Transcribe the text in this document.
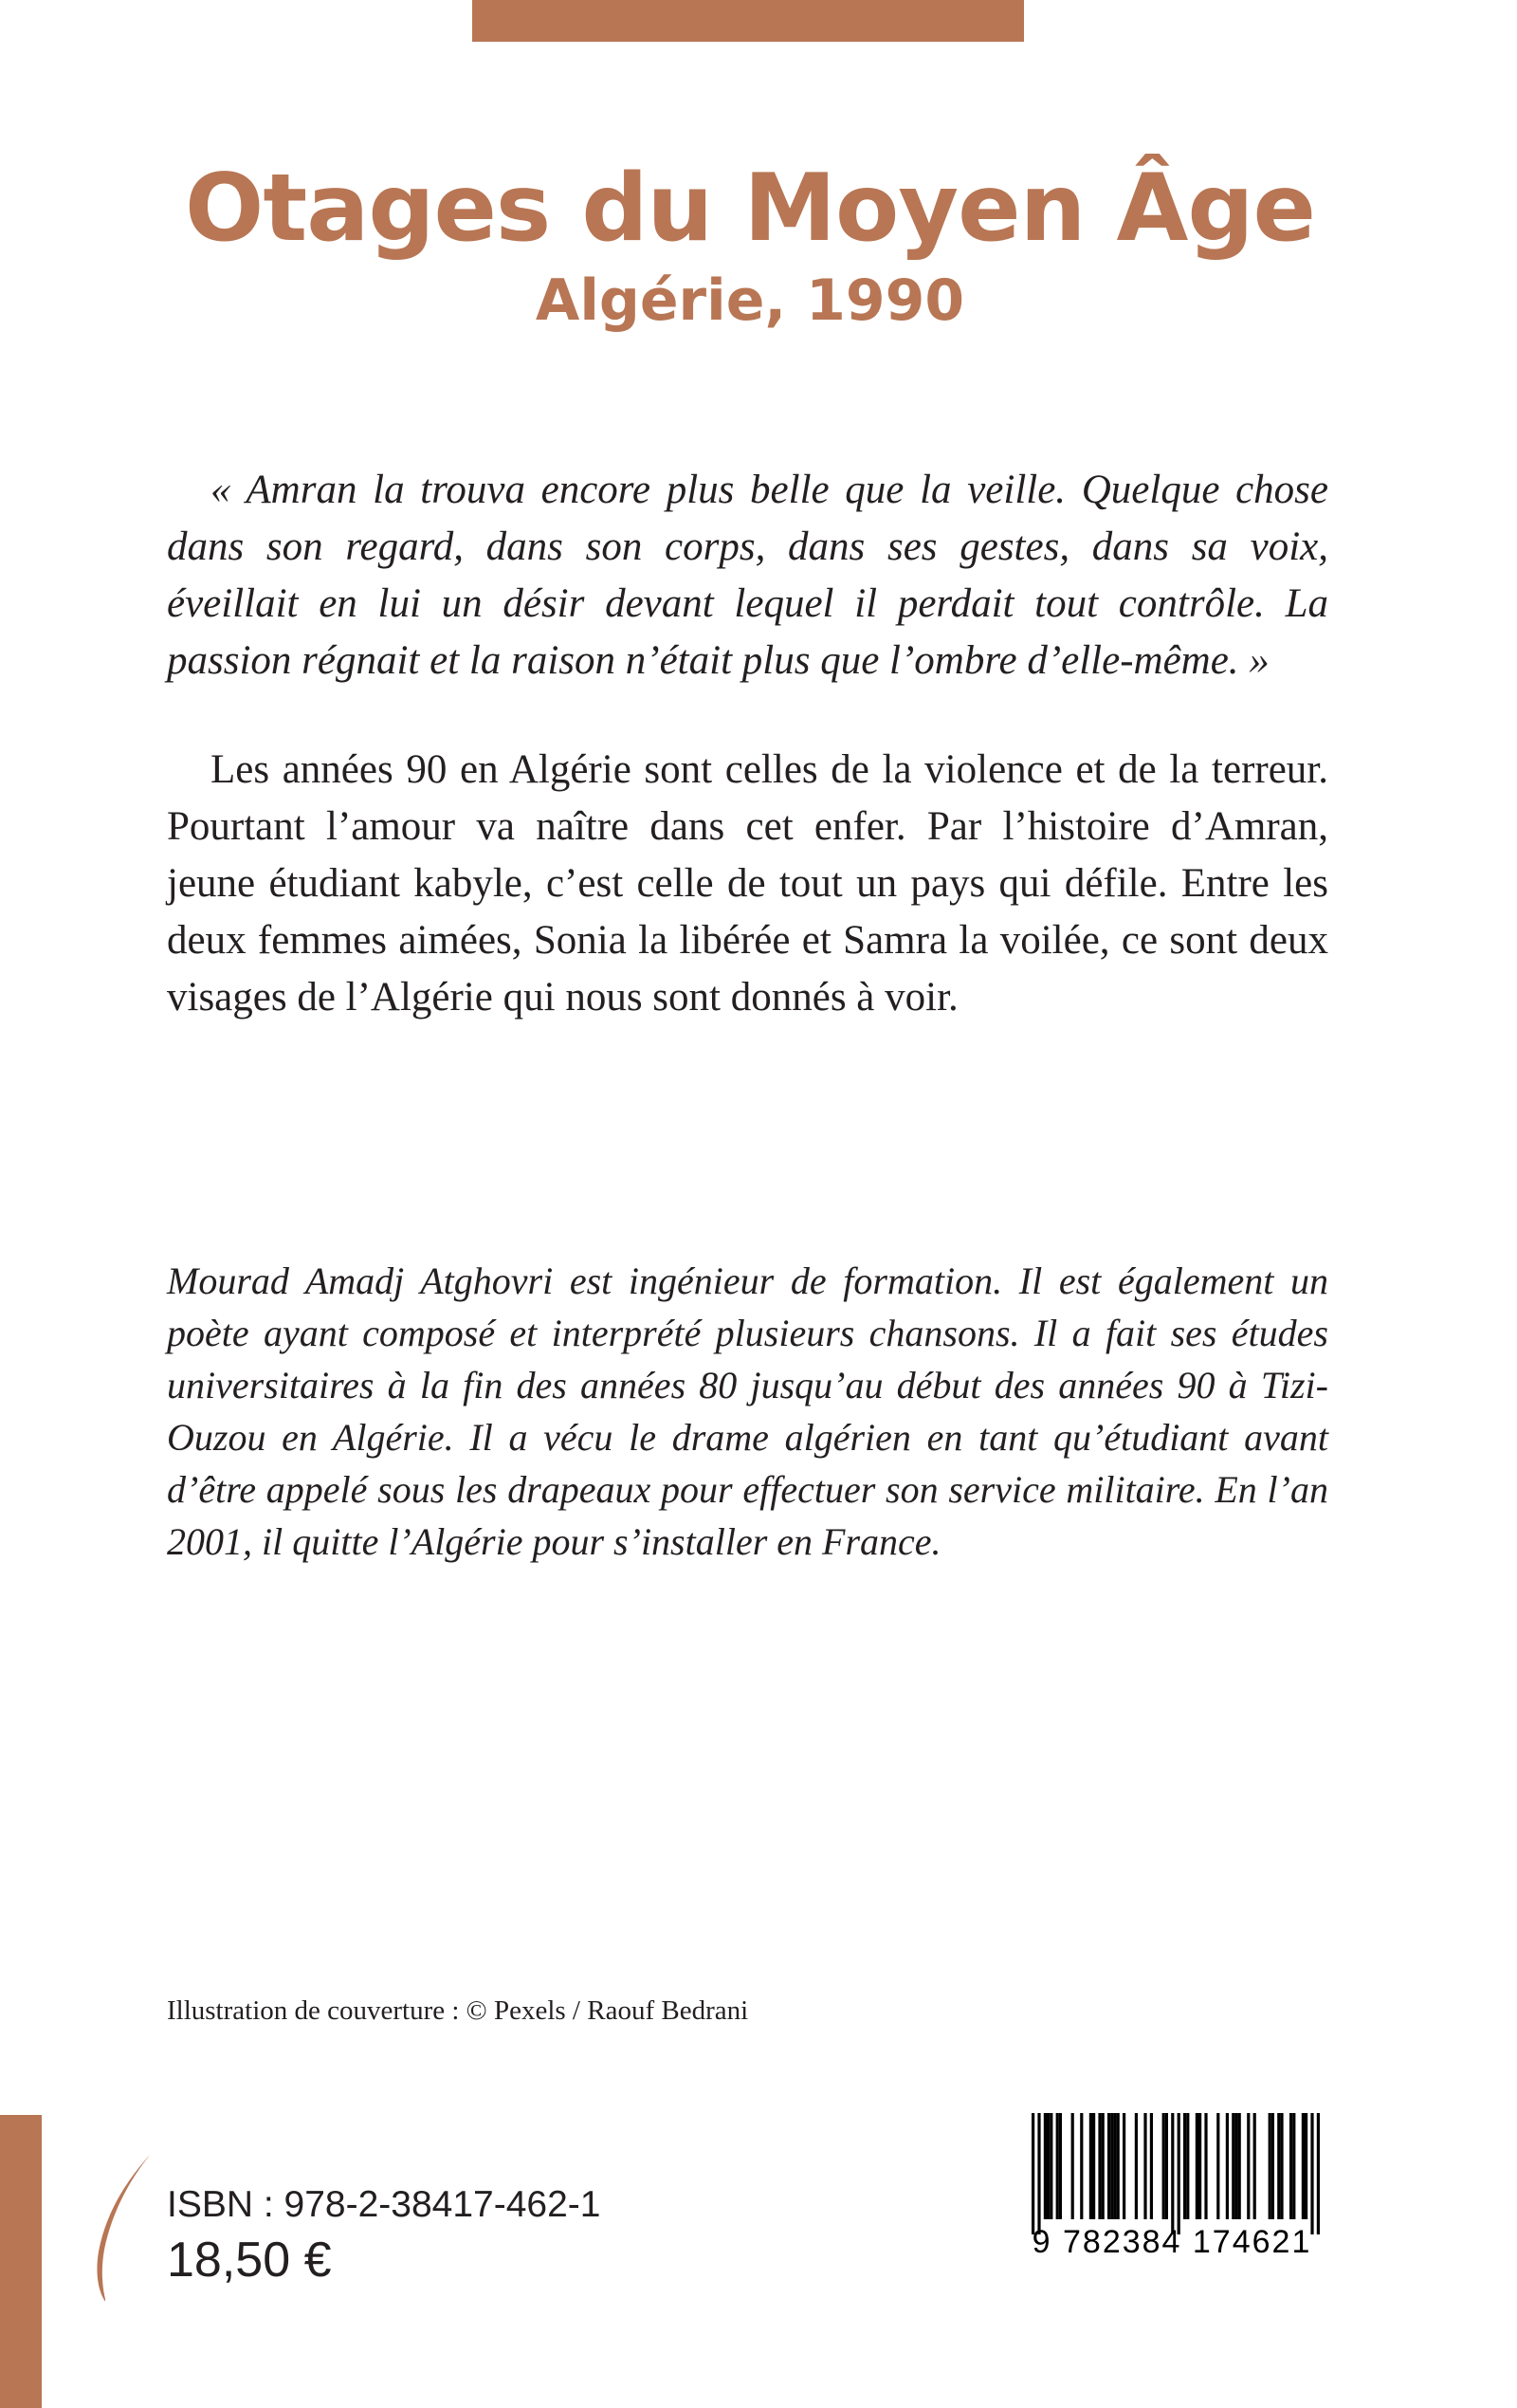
Otages du Moyen Âge
Algérie, 1990

« Amran la trouva encore plus belle que la veille. Quelque chose dans son regard, dans son corps, dans ses gestes, dans sa voix, éveillait en lui un désir devant lequel il perdait tout contrôle. La passion régnait et la raison n’était plus que l’ombre d’elle-même. »

Les années 90 en Algérie sont celles de la violence et de la terreur. Pourtant l’amour va naître dans cet enfer. Par l’histoire d’Amran, jeune étudiant kabyle, c’est celle de tout un pays qui défile. Entre les deux femmes aimées, Sonia la libérée et Samra la voilée, ce sont deux visages de l’Algérie qui nous sont donnés à voir.

Mourad Amadj Atghovri est ingénieur de formation. Il est également un poète ayant composé et interprété plusieurs chansons. Il a fait ses études universitaires à la fin des années 80 jusqu’au début des années 90 à Tizi-Ouzou en Algérie. Il a vécu le drame algérien en tant qu’étudiant avant d’être appelé sous les drapeaux pour effectuer son service militaire. En l’an 2001, il quitte l’Algérie pour s’installer en France.

Illustration de couverture : © Pexels / Raouf Bedrani

ISBN : 978-2-38417-462-1
18,50 €	9 782384 174621
